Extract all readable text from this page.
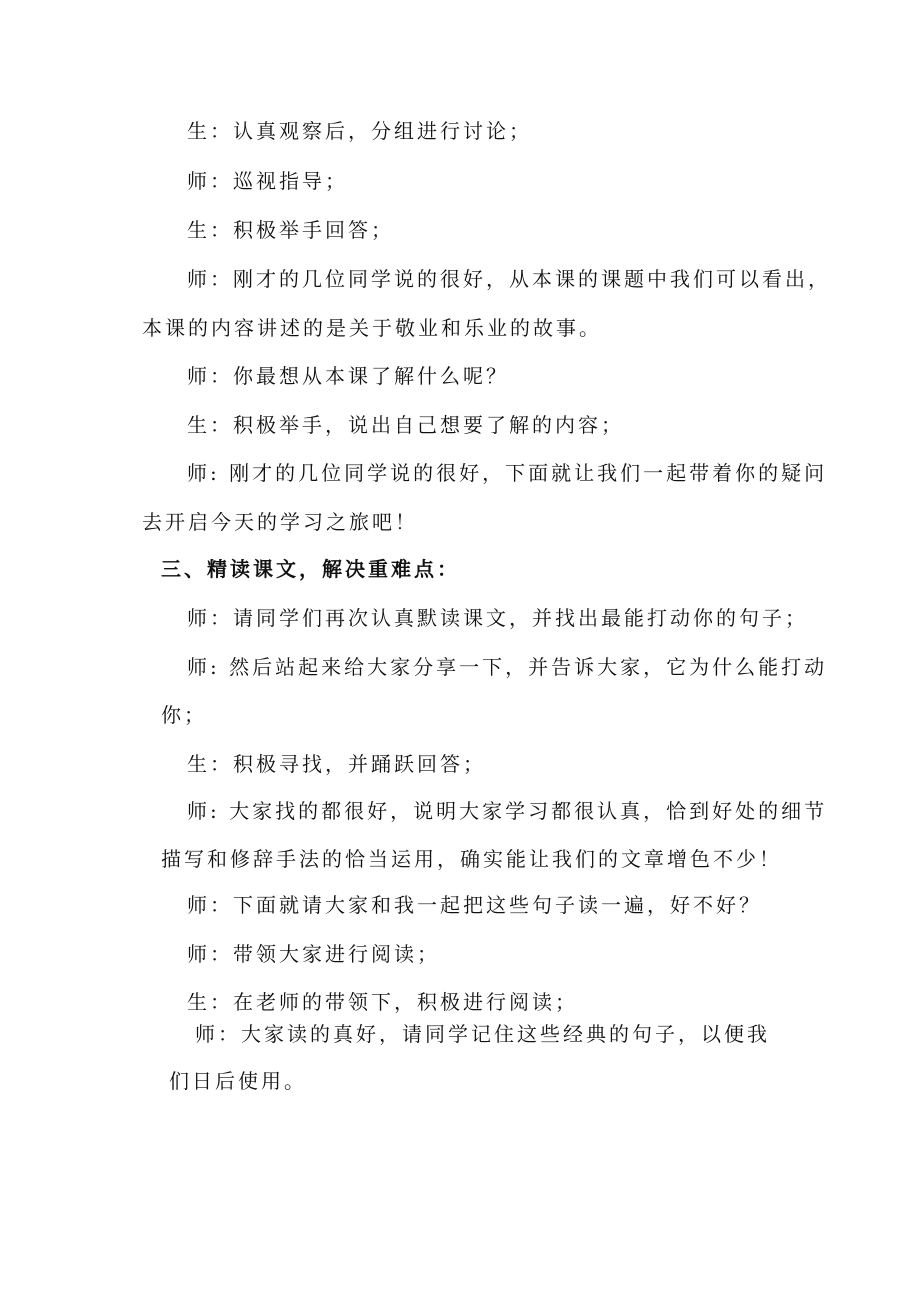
生：认真观察后，分组进行讨论；
师：巡视指导；
生：积极举手回答；
师：刚才的几位同学说的很好，从本课的课题中我们可以看出，
本课的内容讲述的是关于敬业和乐业的故事。
师：你最想从本课了解什么呢？
生：积极举手，说出自己想要了解的内容；
师: 刚才的几位同学说的很好，下面就让我们一起带着你的疑问
去开启今天的学习之旅吧！
三、精读课文，解决重难点：
师：请同学们再次认真默读课文，并找出最能打动你的句子；
师: 然后站起来给大家分享一下，并告诉大家，它为什么能打动
你；
生：积极寻找，并踊跃回答；
师: 大家找的都很好，说明大家学习都很认真，恰到好处的细节
描写和修辞手法的恰当运用，确实能让我们的文章增色不少！
师：下面就请大家和我一起把这些句子读一遍，好不好？
师：带领大家进行阅读；
生：在老师的带领下，积极进行阅读；
师：大家读的真好，请同学记住这些经典的句子，以便我
们日后使用。
